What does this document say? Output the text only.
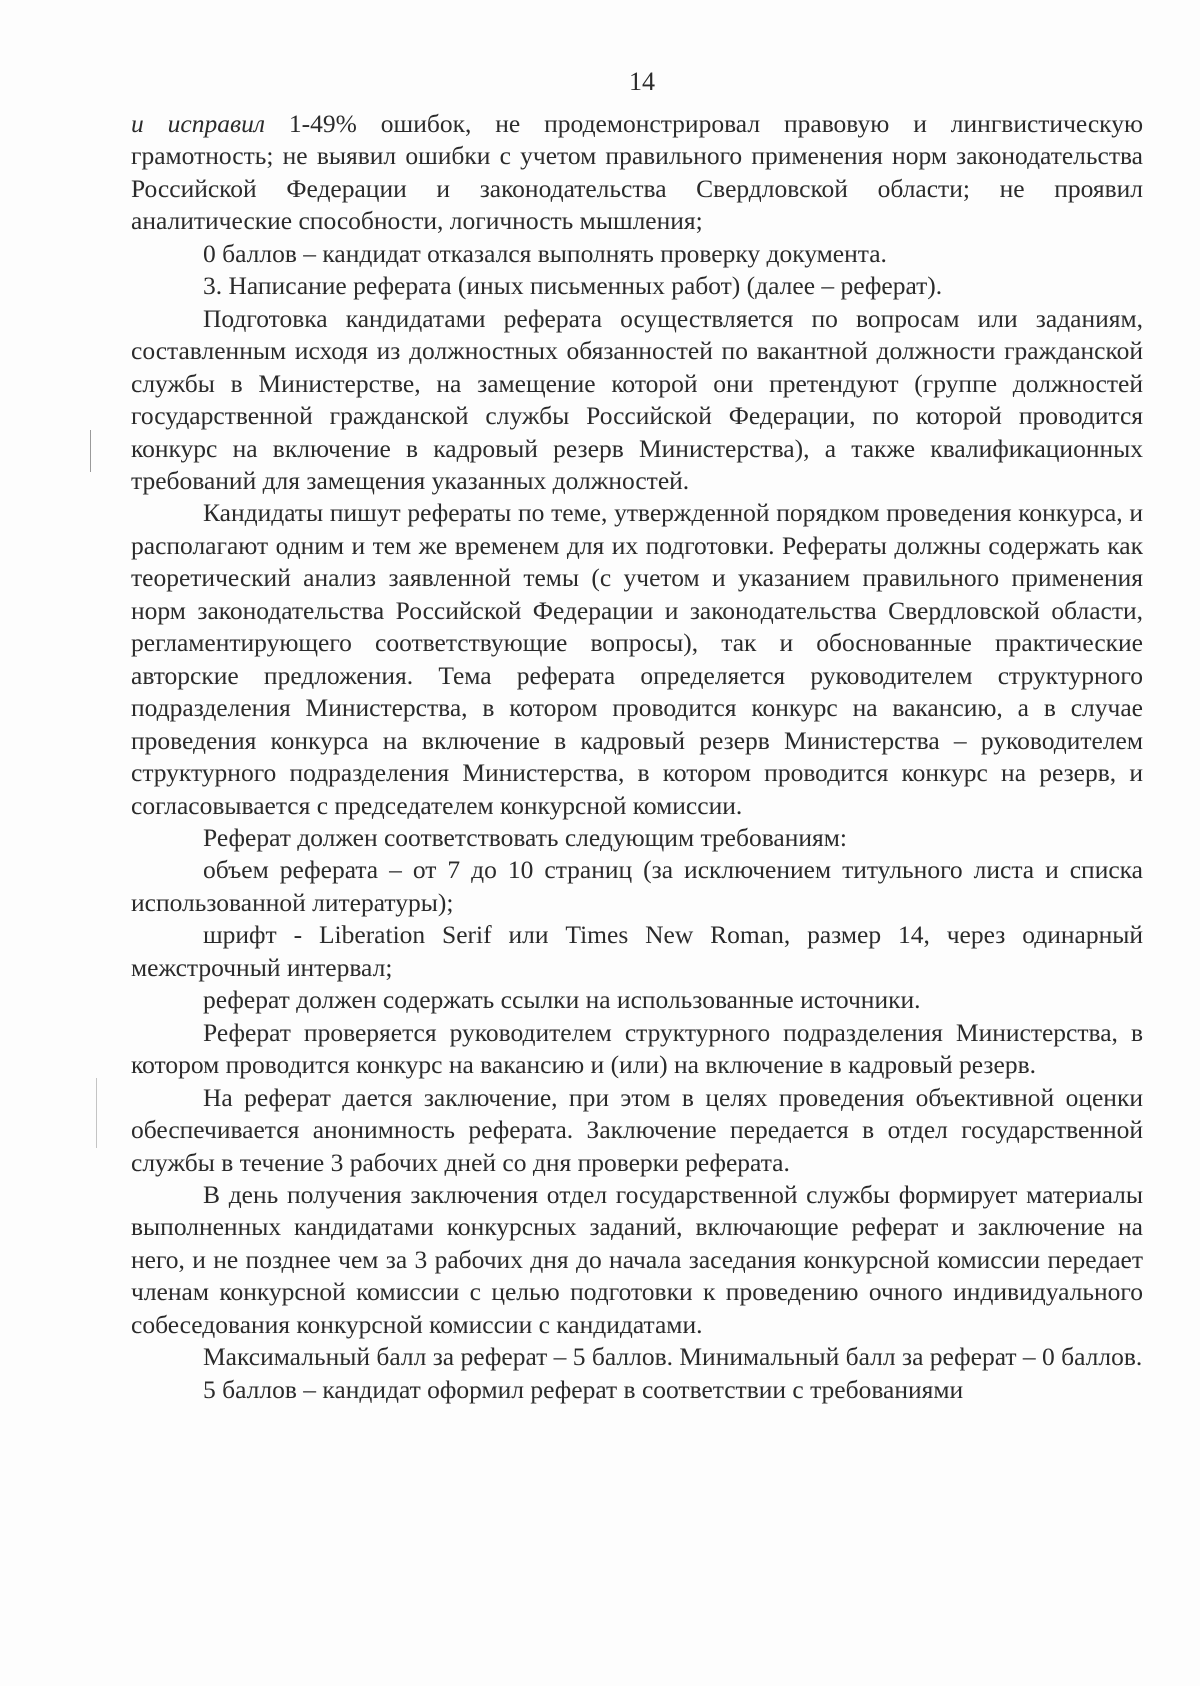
14

и исправил 1-49% ошибок, не продемонстрировал правовую и лингвистическую грамотность; не выявил ошибки с учетом правильного применения норм законодательства Российской Федерации и законодательства Свердловской области; не проявил аналитические способности, логичность мышления;

0 баллов – кандидат отказался выполнять проверку документа.

3. Написание реферата (иных письменных работ) (далее – реферат).

Подготовка кандидатами реферата осуществляется по вопросам или заданиям, составленным исходя из должностных обязанностей по вакантной должности гражданской службы в Министерстве, на замещение которой они претендуют (группе должностей государственной гражданской службы Российской Федерации, по которой проводится конкурс на включение в кадровый резерв Министерства), а также квалификационных требований для замещения указанных должностей.

Кандидаты пишут рефераты по теме, утвержденной порядком проведения конкурса, и располагают одним и тем же временем для их подготовки. Рефераты должны содержать как теоретический анализ заявленной темы (с учетом и указанием правильного применения норм законодательства Российской Федерации и законодательства Свердловской области, регламентирующего соответствующие вопросы), так и обоснованные практические авторские предложения. Тема реферата определяется руководителем структурного подразделения Министерства, в котором проводится конкурс на вакансию, а в случае проведения конкурса на включение в кадровый резерв Министерства – руководителем структурного подразделения Министерства, в котором проводится конкурс на резерв, и согласовывается с председателем конкурсной комиссии.

Реферат должен соответствовать следующим требованиям:

объем реферата – от 7 до 10 страниц (за исключением титульного листа и списка использованной литературы);

шрифт - Liberation Serif или Times New Roman, размер 14, через одинарный межстрочный интервал;

реферат должен содержать ссылки на использованные источники.

Реферат проверяется руководителем структурного подразделения Министерства, в котором проводится конкурс на вакансию и (или) на включение в кадровый резерв.

На реферат дается заключение, при этом в целях проведения объективной оценки обеспечивается анонимность реферата. Заключение передается в отдел государственной службы в течение 3 рабочих дней со дня проверки реферата.

В день получения заключения отдел государственной службы формирует материалы выполненных кандидатами конкурсных заданий, включающие реферат и заключение на него, и не позднее чем за 3 рабочих дня до начала заседания конкурсной комиссии передает членам конкурсной комиссии с целью подготовки к проведению очного индивидуального собеседования конкурсной комиссии с кандидатами.

Максимальный балл за реферат – 5 баллов. Минимальный балл за реферат – 0 баллов.

5 баллов – кандидат оформил реферат в соответствии с требованиями
